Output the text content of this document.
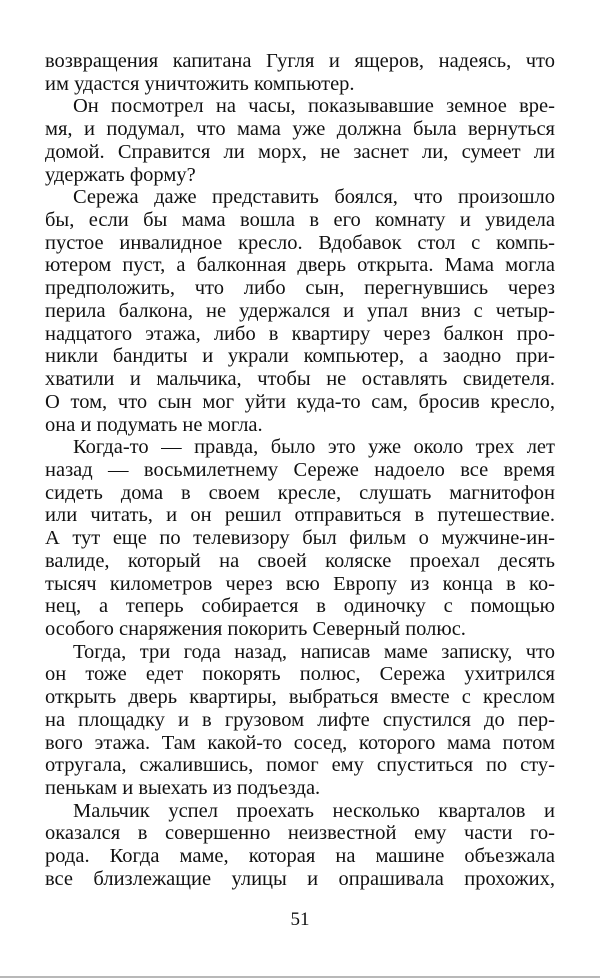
возвращения капитана Гугля и ящеров, надеясь, что
им удастся уничтожить компьютер.
Он посмотрел на часы, показывавшие земное вре-
мя, и подумал, что мама уже должна была вернуться
домой. Справится ли морх, не заснет ли, сумеет ли
удержать форму?
Сережа даже представить боялся, что произошло
бы, если бы мама вошла в его комнату и увидела
пустое инвалидное кресло. Вдобавок стол с компь-
ютером пуст, а балконная дверь открыта. Мама могла
предположить, что либо сын, перегнувшись через
перила балкона, не удержался и упал вниз с четыр-
надцатого этажа, либо в квартиру через балкон про-
никли бандиты и украли компьютер, а заодно при-
хватили и мальчика, чтобы не оставлять свидетеля.
О том, что сын мог уйти куда-то сам, бросив кресло,
она и подумать не могла.
Когда-то — правда, было это уже около трех лет
назад — восьмилетнему Сереже надоело все время
сидеть дома в своем кресле, слушать магнитофон
или читать, и он решил отправиться в путешествие.
А тут еще по телевизору был фильм о мужчине-ин-
валиде, который на своей коляске проехал десять
тысяч километров через всю Европу из конца в ко-
нец, а теперь собирается в одиночку с помощью
особого снаряжения покорить Северный полюс.
Тогда, три года назад, написав маме записку, что
он тоже едет покорять полюс, Сережа ухитрился
открыть дверь квартиры, выбраться вместе с креслом
на площадку и в грузовом лифте спустился до пер-
вого этажа. Там какой-то сосед, которого мама потом
отругала, сжалившись, помог ему спуститься по сту-
пенькам и выехать из подъезда.
Мальчик успел проехать несколько кварталов и
оказался в совершенно неизвестной ему части го-
рода. Когда маме, которая на машине объезжала
все близлежащие улицы и опрашивала прохожих,
51
